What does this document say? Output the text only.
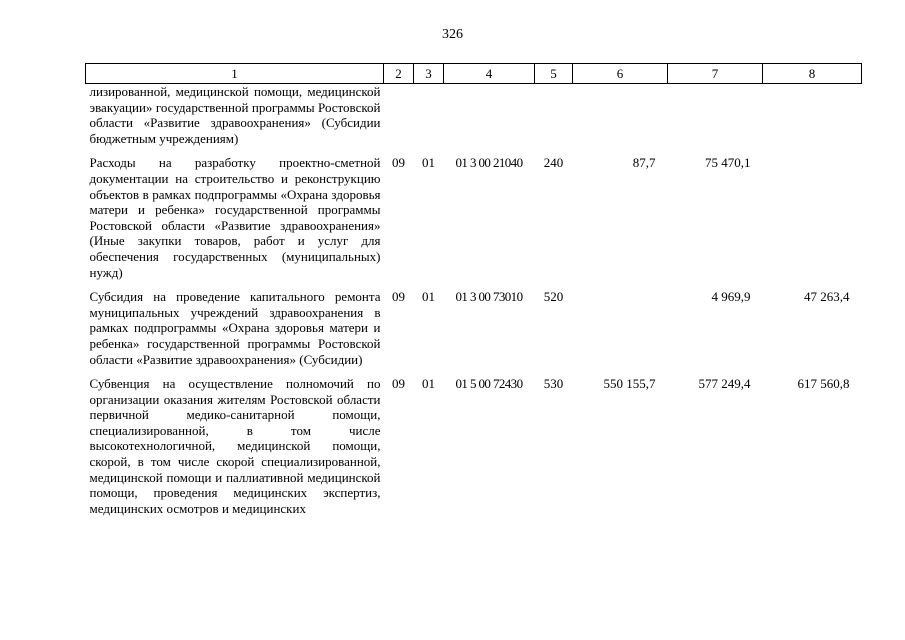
326
1	2	3	4	5	6	7	8
лизированной, медицинской помощи, медицинской эвакуации» государственной программы Ростовской области «Развитие здравоохранения» (Субсидии бюджетным учреждениям)							
Расходы на разработку проектно-сметной документации на строительство и реконструкцию объектов в рамках подпрограммы «Охрана здоровья матери и ребенка» государственной программы Ростовской области «Развитие здравоохранения» (Иные закупки товаров, работ и услуг для обеспечения государственных (муниципальных) нужд)	09	01	01 3 00 21040	240	87,7	75 470,1	
Субсидия на проведение капитального ремонта муниципальных учреждений здравоохранения в рамках подпрограммы «Охрана здоровья матери и ребенка» государственной программы Ростовской области «Развитие здравоохранения» (Субсидии)	09	01	01 3 00 73010	520		4 969,9	47 263,4
Субвенция на осуществление полномочий по организации оказания жителям Ростовской области первичной медико-санитарной помощи, специализированной, в том числе высокотехнологичной, медицинской помощи, скорой, в том числе скорой специализированной, медицинской помощи и паллиативной медицинской помощи, проведения медицинских экспертиз, медицинских осмотров и медицинских	09	01	01 5 00 72430	530	550 155,7	577 249,4	617 560,8
